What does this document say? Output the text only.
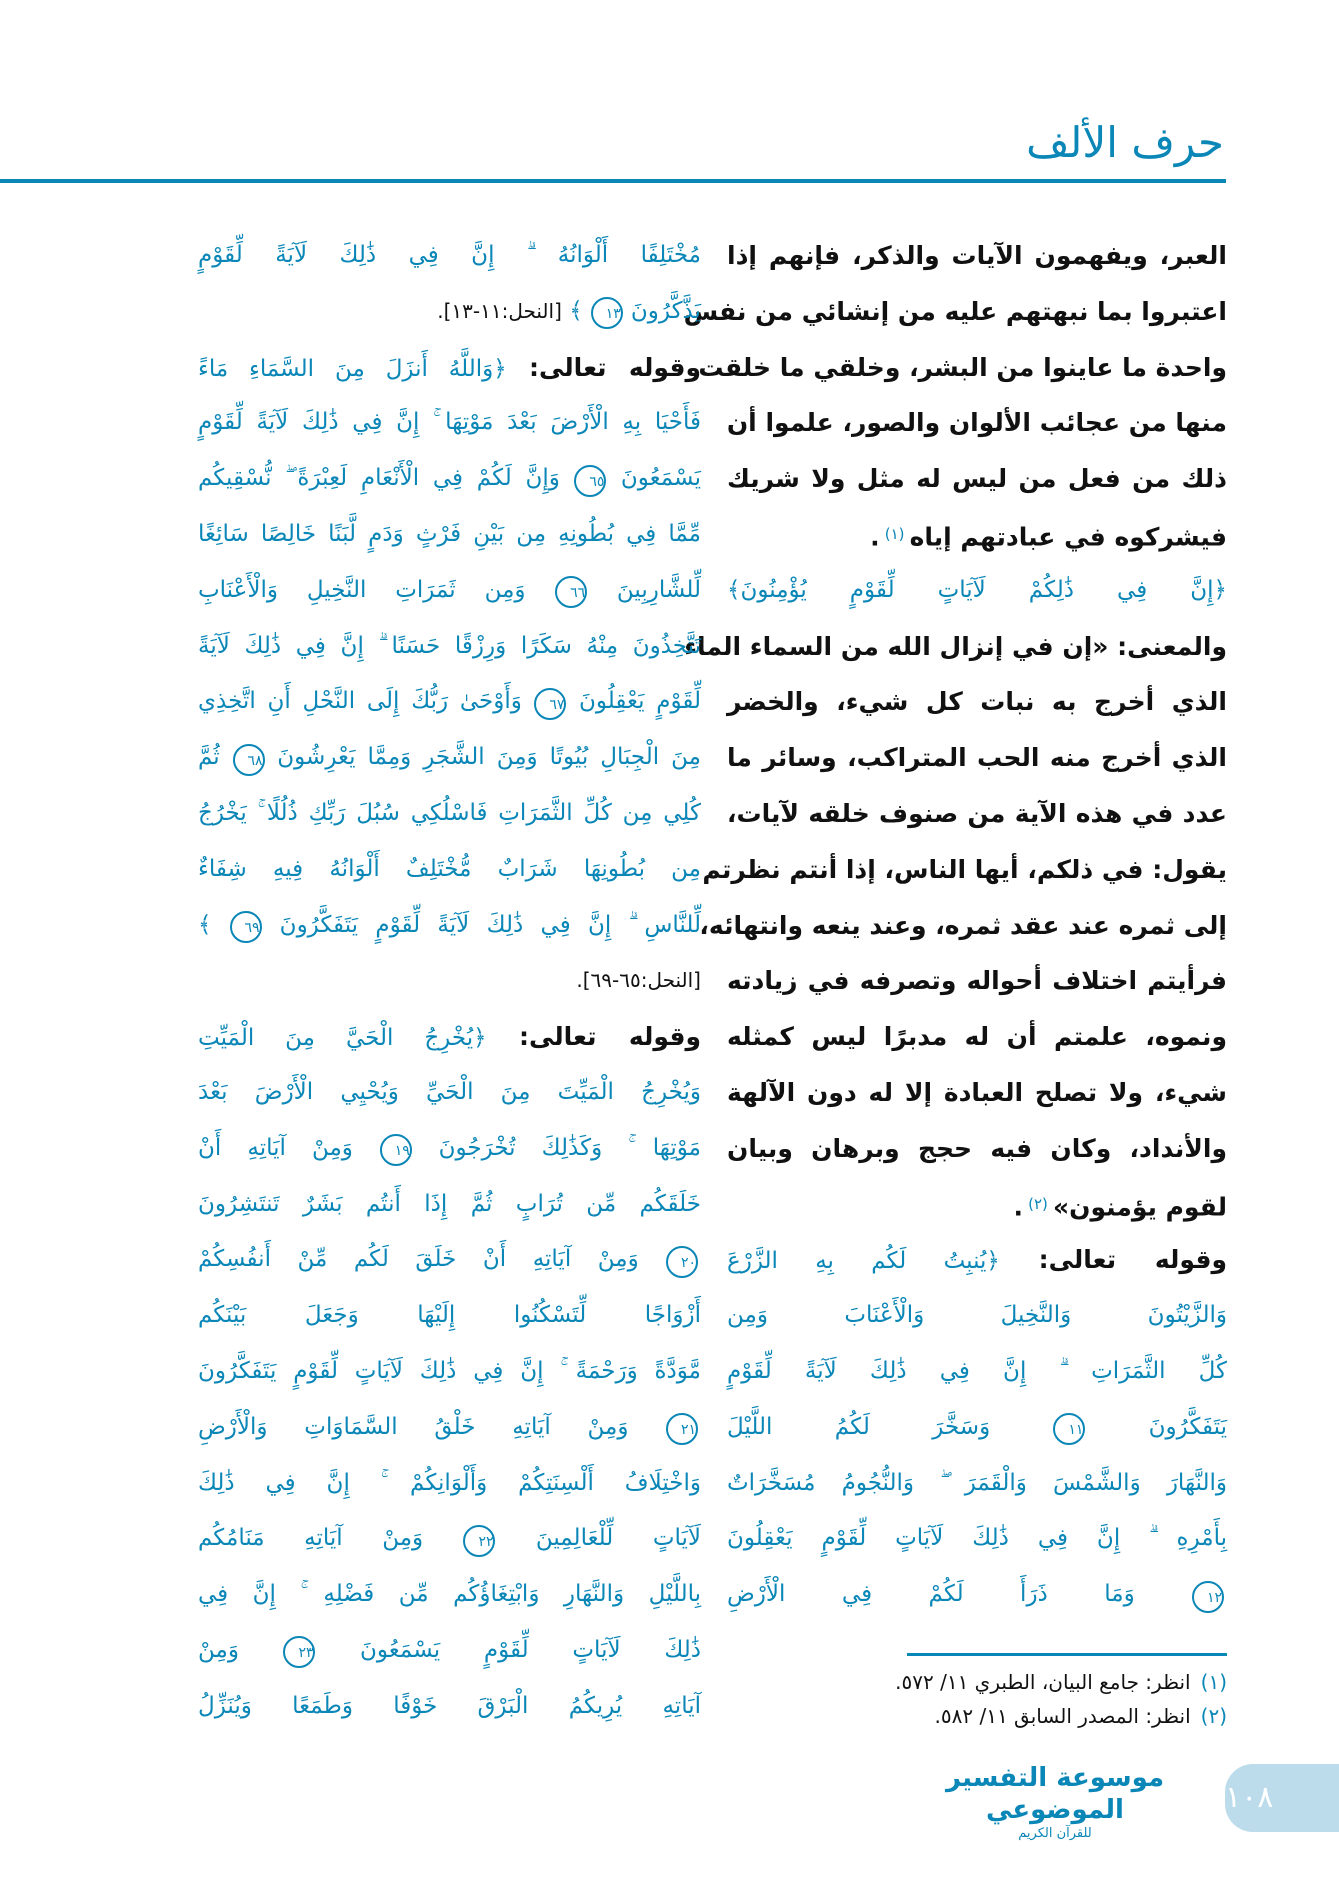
حرف الألف
العبر، ويفهمون الآيات والذكر، فإنهم إذا
اعتبروا بما نبهتهم عليه من إنشائي من نفس
واحدة ما عاينوا من البشر، وخلقي ما خلقت
منها من عجائب الألوان والصور، علموا أن
ذلك من فعل من ليس له مثل ولا شريك
فيشركوه في عبادتهم إياه (١) .
﴿إِنَّ فِي ذَٰلِكُمْ لَآيَاتٍ لِّقَوْمٍ يُؤْمِنُونَ﴾
والمعنى: «إن في إنزال الله من السماء الماء
الذي أخرج به نبات كل شيء، والخضر
الذي أخرج منه الحب المتراكب، وسائر ما
عدد في هذه الآية من صنوف خلقه لآيات،
يقول: في ذلكم، أيها الناس، إذا أنتم نظرتم
إلى ثمره عند عقد ثمره، وعند ينعه وانتهائه،
فرأيتم اختلاف أحواله وتصرفه في زيادته
ونموه، علمتم أن له مدبرًا ليس كمثله
شيء، ولا تصلح العبادة إلا له دون الآلهة
والأنداد، وكان فيه حجج وبرهان وبيان
لقوم يؤمنون» (٢) .
وقوله تعالى: ﴿يُنبِتُ لَكُم بِهِ الزَّرْعَ
وَالزَّيْتُونَ وَالنَّخِيلَ وَالْأَعْنَابَ وَمِن
كُلِّ الثَّمَرَاتِ ۗ إِنَّ فِي ذَٰلِكَ لَآيَةً لِّقَوْمٍ
يَتَفَكَّرُونَ ١١ وَسَخَّرَ لَكُمُ اللَّيْلَ
وَالنَّهَارَ وَالشَّمْسَ وَالْقَمَرَ ۖ وَالنُّجُومُ مُسَخَّرَاتٌ
بِأَمْرِهِ ۗ إِنَّ فِي ذَٰلِكَ لَآيَاتٍ لِّقَوْمٍ يَعْقِلُونَ
١٢ وَمَا ذَرَأَ لَكُمْ فِي الْأَرْضِ
مُخْتَلِفًا أَلْوَانُهُ ۗ إِنَّ فِي ذَٰلِكَ لَآيَةً لِّقَوْمٍ
يَذَّكَّرُونَ ١٣ ﴾ [النحل:١١-١٣].
وقوله تعالى: ﴿وَاللَّهُ أَنزَلَ مِنَ السَّمَاءِ مَاءً
فَأَحْيَا بِهِ الْأَرْضَ بَعْدَ مَوْتِهَا ۚ إِنَّ فِي ذَٰلِكَ لَآيَةً لِّقَوْمٍ
يَسْمَعُونَ ٦٥ وَإِنَّ لَكُمْ فِي الْأَنْعَامِ لَعِبْرَةً ۖ نُّسْقِيكُم
مِّمَّا فِي بُطُونِهِ مِن بَيْنِ فَرْثٍ وَدَمٍ لَّبَنًا خَالِصًا سَائِغًا
لِّلشَّارِبِينَ ٦٦ وَمِن ثَمَرَاتِ النَّخِيلِ وَالْأَعْنَابِ
تَتَّخِذُونَ مِنْهُ سَكَرًا وَرِزْقًا حَسَنًا ۗ إِنَّ فِي ذَٰلِكَ لَآيَةً
لِّقَوْمٍ يَعْقِلُونَ ٦٧ وَأَوْحَىٰ رَبُّكَ إِلَى النَّحْلِ أَنِ اتَّخِذِي
مِنَ الْجِبَالِ بُيُوتًا وَمِنَ الشَّجَرِ وَمِمَّا يَعْرِشُونَ ٦٨ ثُمَّ
كُلِي مِن كُلِّ الثَّمَرَاتِ فَاسْلُكِي سُبُلَ رَبِّكِ ذُلُلًا ۚ يَخْرُجُ
مِن بُطُونِهَا شَرَابٌ مُّخْتَلِفٌ أَلْوَانُهُ فِيهِ شِفَاءٌ
لِّلنَّاسِ ۗ إِنَّ فِي ذَٰلِكَ لَآيَةً لِّقَوْمٍ يَتَفَكَّرُونَ ٦٩ ﴾
[النحل:٦٥-٦٩].
وقوله تعالى: ﴿يُخْرِجُ الْحَيَّ مِنَ الْمَيِّتِ
وَيُخْرِجُ الْمَيِّتَ مِنَ الْحَيِّ وَيُحْيِي الْأَرْضَ بَعْدَ
مَوْتِهَا ۚ وَكَذَٰلِكَ تُخْرَجُونَ ١٩ وَمِنْ آيَاتِهِ أَنْ
خَلَقَكُم مِّن تُرَابٍ ثُمَّ إِذَا أَنتُم بَشَرٌ تَنتَشِرُونَ
٢٠ وَمِنْ آيَاتِهِ أَنْ خَلَقَ لَكُم مِّنْ أَنفُسِكُمْ
أَزْوَاجًا لِّتَسْكُنُوا إِلَيْهَا وَجَعَلَ بَيْنَكُم
مَّوَدَّةً وَرَحْمَةً ۚ إِنَّ فِي ذَٰلِكَ لَآيَاتٍ لِّقَوْمٍ يَتَفَكَّرُونَ
٢١ وَمِنْ آيَاتِهِ خَلْقُ السَّمَاوَاتِ وَالْأَرْضِ
وَاخْتِلَافُ أَلْسِنَتِكُمْ وَأَلْوَانِكُمْ ۚ إِنَّ فِي ذَٰلِكَ
لَآيَاتٍ لِّلْعَالِمِينَ ٢٢ وَمِنْ آيَاتِهِ مَنَامُكُم
بِاللَّيْلِ وَالنَّهَارِ وَابْتِغَاؤُكُم مِّن فَضْلِهِ ۚ إِنَّ فِي
ذَٰلِكَ لَآيَاتٍ لِّقَوْمٍ يَسْمَعُونَ ٢٣ وَمِنْ
آيَاتِهِ يُرِيكُمُ الْبَرْقَ خَوْفًا وَطَمَعًا وَيُنَزِّلُ
(١)انظر: جامع البيان، الطبري ١١/ ٥٧٢.
(٢)انظر: المصدر السابق ١١/ ٥٨٢.
موسوعة التفسير الموضوعي
للقرآن الكريم
١٠٨
